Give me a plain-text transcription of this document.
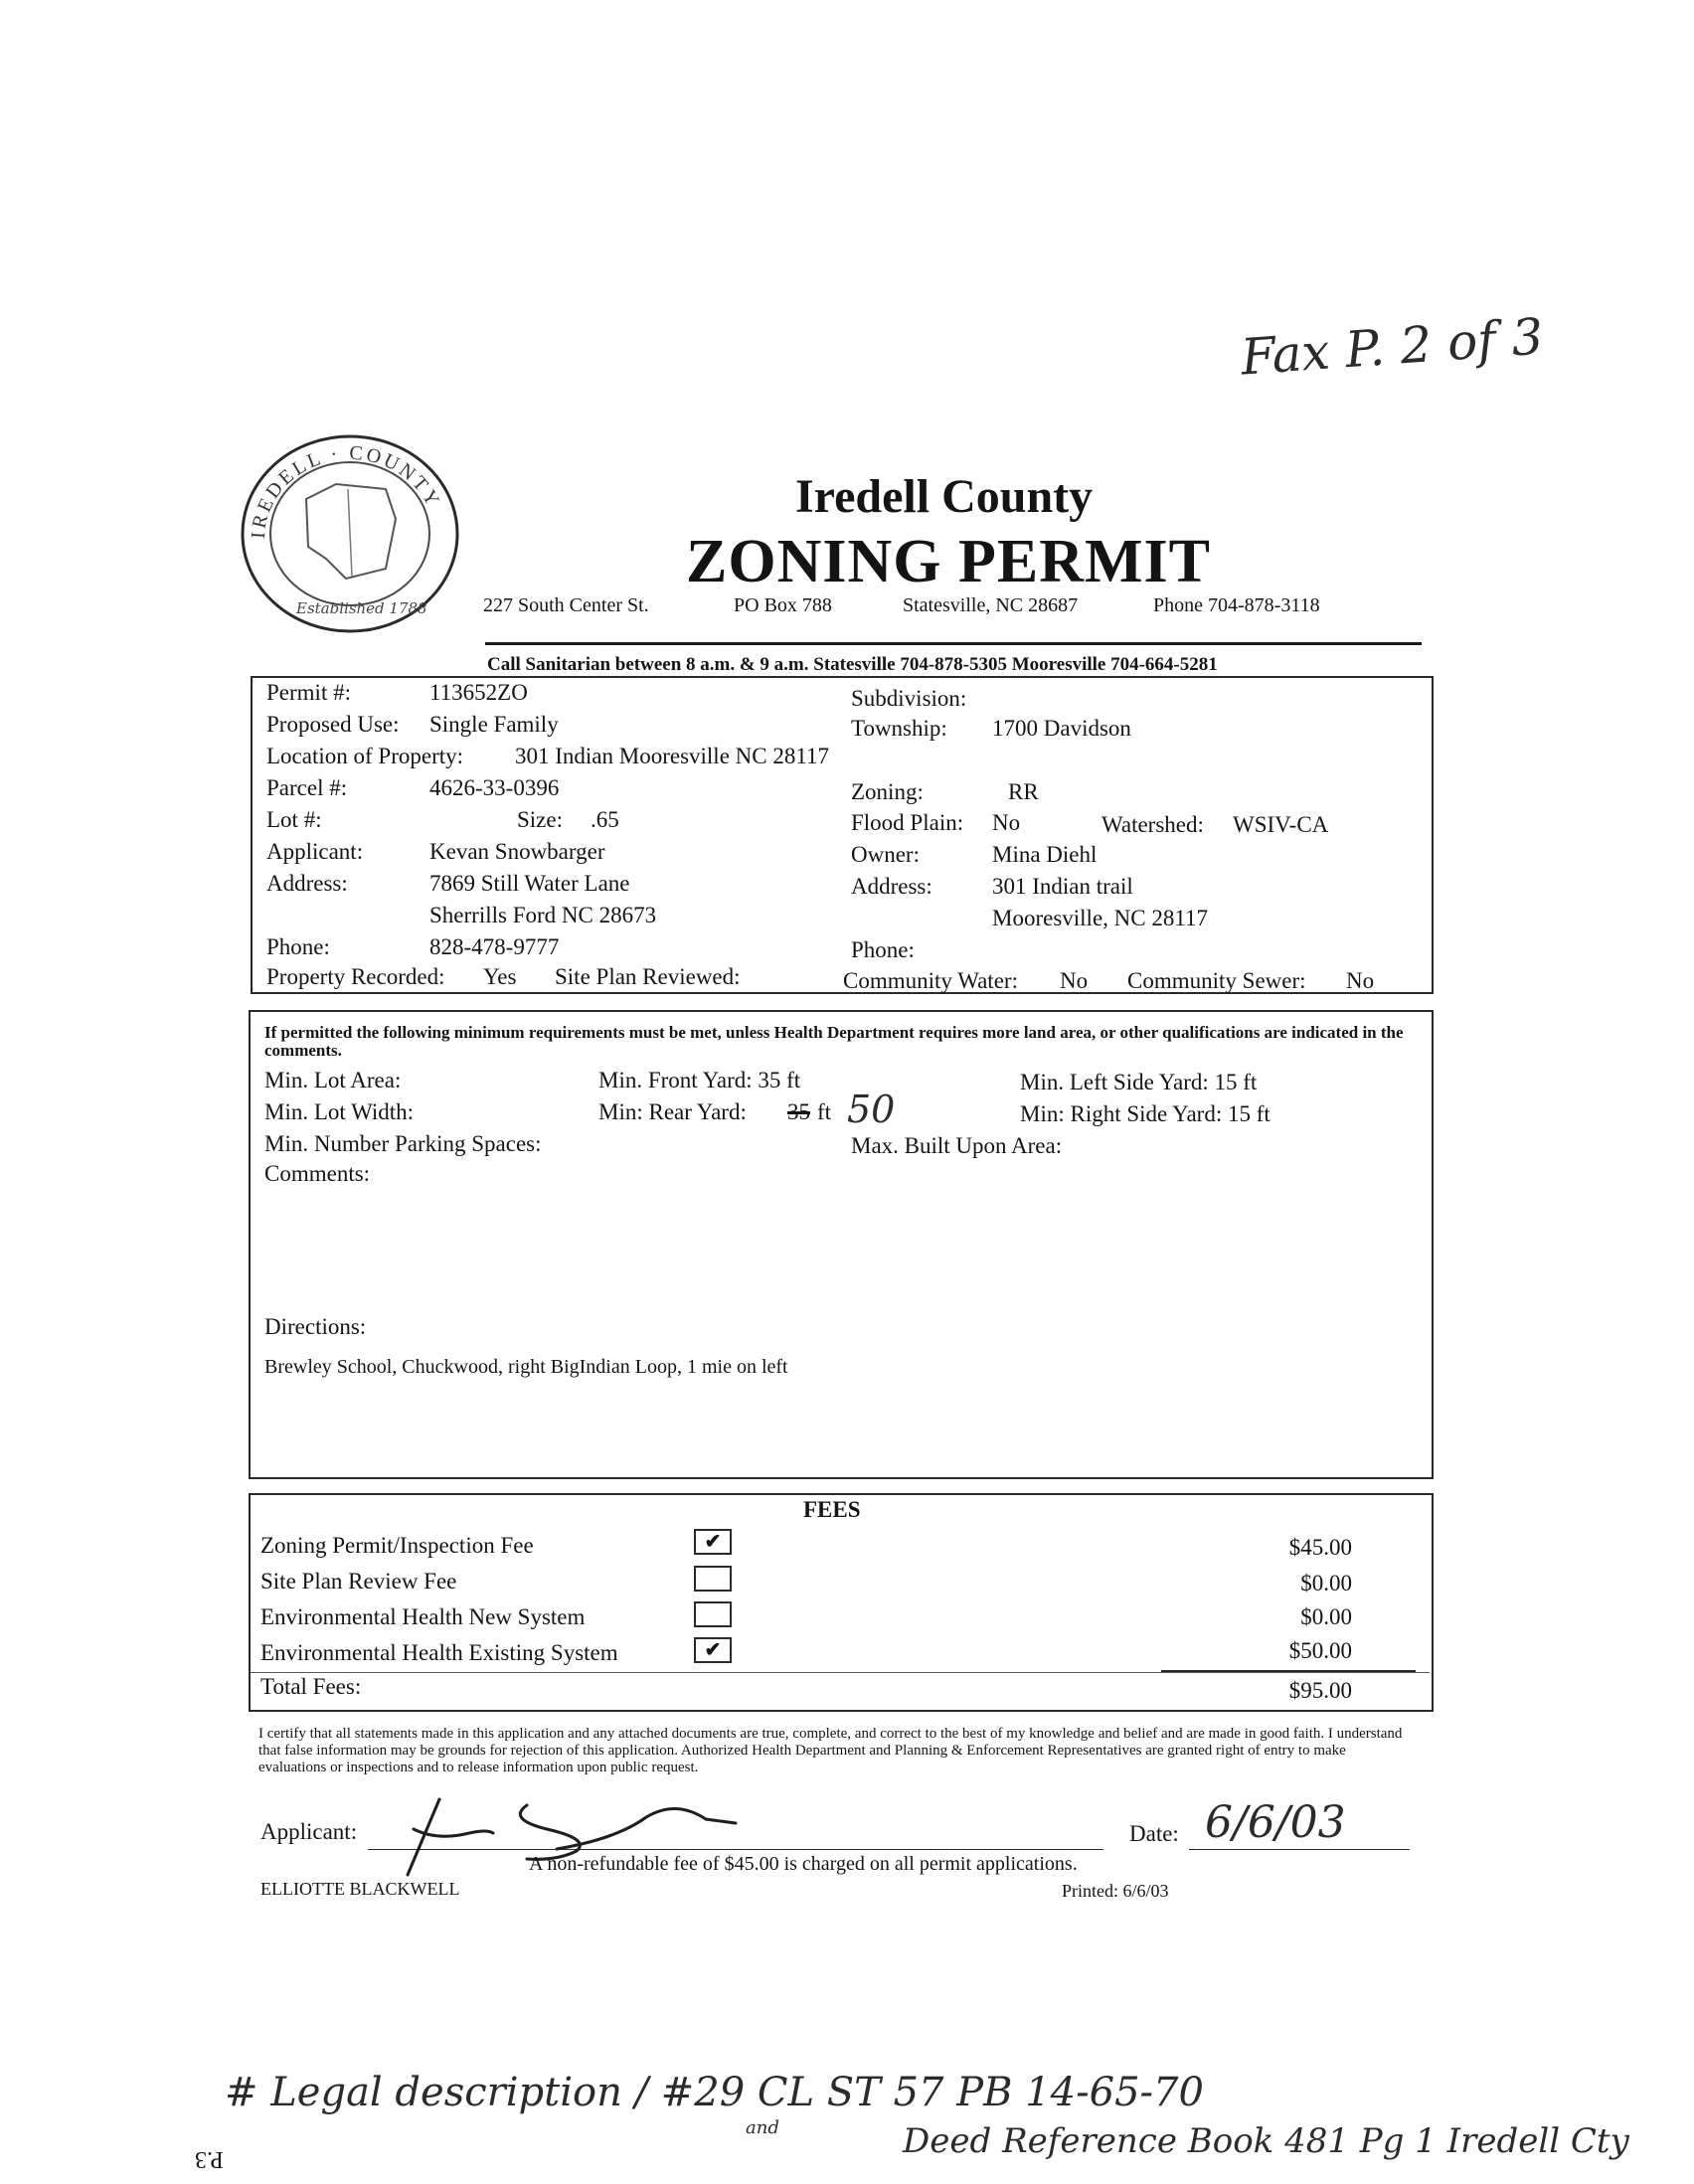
Fax P. 2 of 3
IREDELL · COUNTY
Established 1788
Iredell County
ZONING PERMIT
227 South Center St.	PO Box 788	Statesville, NC 28687	Phone 704-878-3118
Call Sanitarian between 8 a.m. & 9 a.m. Statesville 704-878-5305 Mooresville 704-664-5281
Permit #:	113652ZO	Subdivision:
Proposed Use: Single Family	Township: 1700 Davidson
Location of Property: 301 Indian Mooresville NC 28117
Parcel #:	4626-33-0396	Zoning:	RR
Lot #:	Size: .65	Flood Plain: No	Watershed: WSIV-CA
Applicant:	Kevan Snowbarger	Owner:	Mina Diehl
Address:	7869 Still Water Lane	Address:	301 Indian trail
Sherrills Ford NC 28673	Mooresville, NC 28117
Phone:	828-478-9777	Phone:
Property Recorded: Yes Site Plan Reviewed:	Community Water: No Community Sewer: No
If permitted the following minimum requirements must be met, unless Health Department requires more land area, or other qualifications are indicated in the comments.
Min. Lot Area:	Min. Front Yard: 35 ft	Min. Left Side Yard: 15 ft
Min. Lot Width:	Min: Rear Yard: 35 ft 50	Min: Right Side Yard: 15 ft
Min. Number Parking Spaces:	Max. Built Upon Area:
Comments:
Directions:
Brewley School, Chuckwood, right BigIndian Loop, 1 mie on left
FEES
Zoning Permit/Inspection Fee	✔	$45.00
Site Plan Review Fee	$0.00
Environmental Health New System	$0.00
Environmental Health Existing System	✔	$50.00
Total Fees:	$95.00
I certify that all statements made in this application and any attached documents are true, complete, and correct to the best of my knowledge and belief and are made in good faith. I understand that false information may be grounds for rejection of this application. Authorized Health Department and Planning & Enforcement Representatives are granted right of entry to make evaluations or inspections and to release information upon public request.
Applicant:	Date: 6/6/03
A non-refundable fee of $45.00 is charged on all permit applications.
ELLIOTTE BLACKWELL	Printed: 6/6/03
# Legal description / #29 CL ST 57 PB 14-65-70
and	Deed Reference Book 481 Pg 1 Iredell Cty
P.3
